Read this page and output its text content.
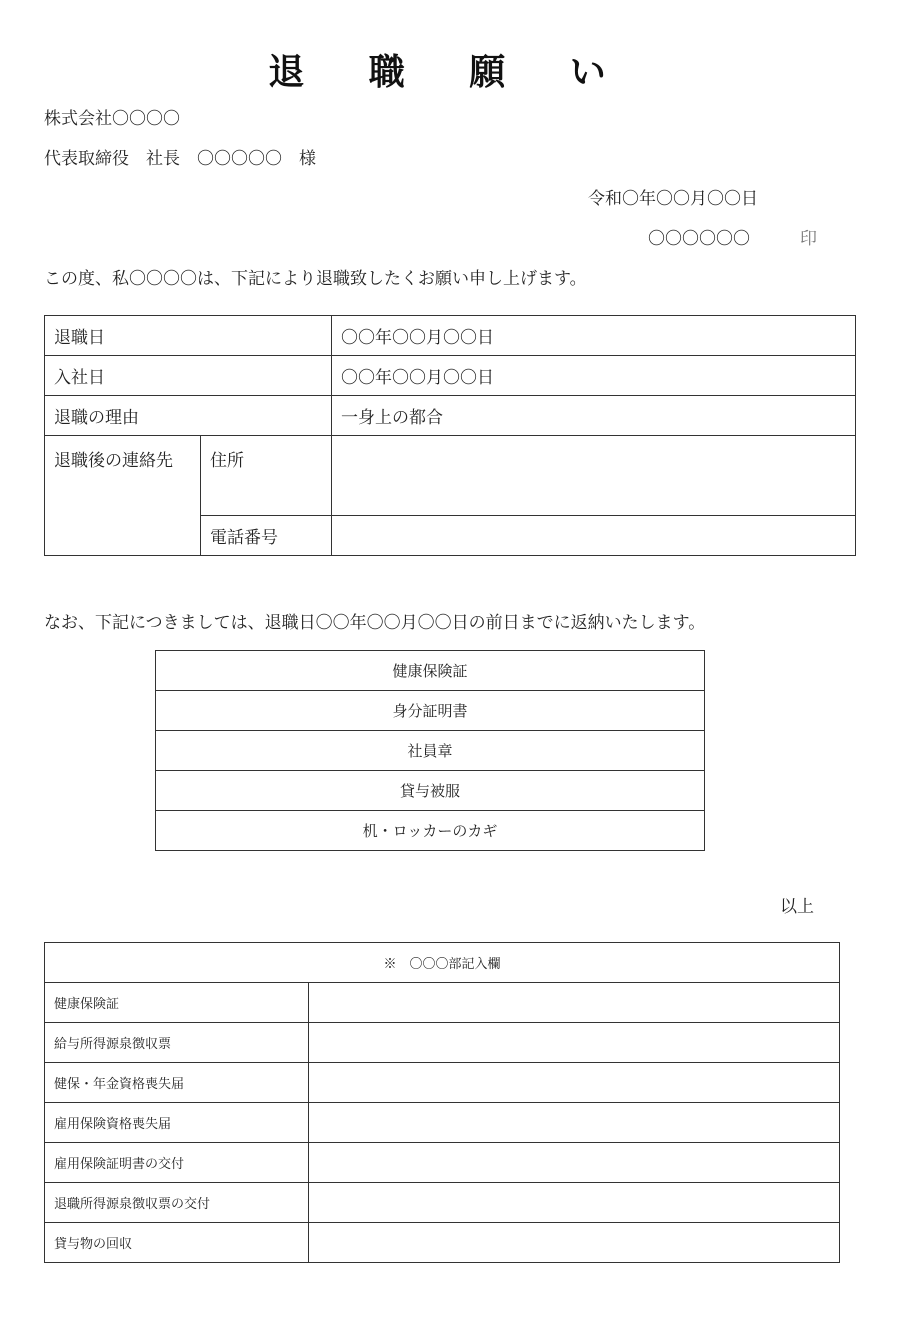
退 職 願 い
株式会社〇〇〇〇
代表取締役　社長　〇〇〇〇〇　様
令和〇年〇〇月〇〇日
〇〇〇〇〇〇	印
この度、私〇〇〇〇は、下記により退職致したくお願い申し上げます。
退職日		〇〇年〇〇月〇〇日
入社日		〇〇年〇〇月〇〇日
退職の理由		一身上の都合
退職後の連絡先	住所	
	電話番号	
なお、下記につきましては、退職日〇〇年〇〇月〇〇日の前日までに返納いたします。
健康保険証
身分証明書
社員章
貸与被服
机・ロッカーのカギ
以上
※　〇〇〇部記入欄	
健康保険証	
給与所得源泉徴収票	
健保・年金資格喪失届	
雇用保険資格喪失届	
雇用保険証明書の交付	
退職所得源泉徴収票の交付	
貸与物の回収	
